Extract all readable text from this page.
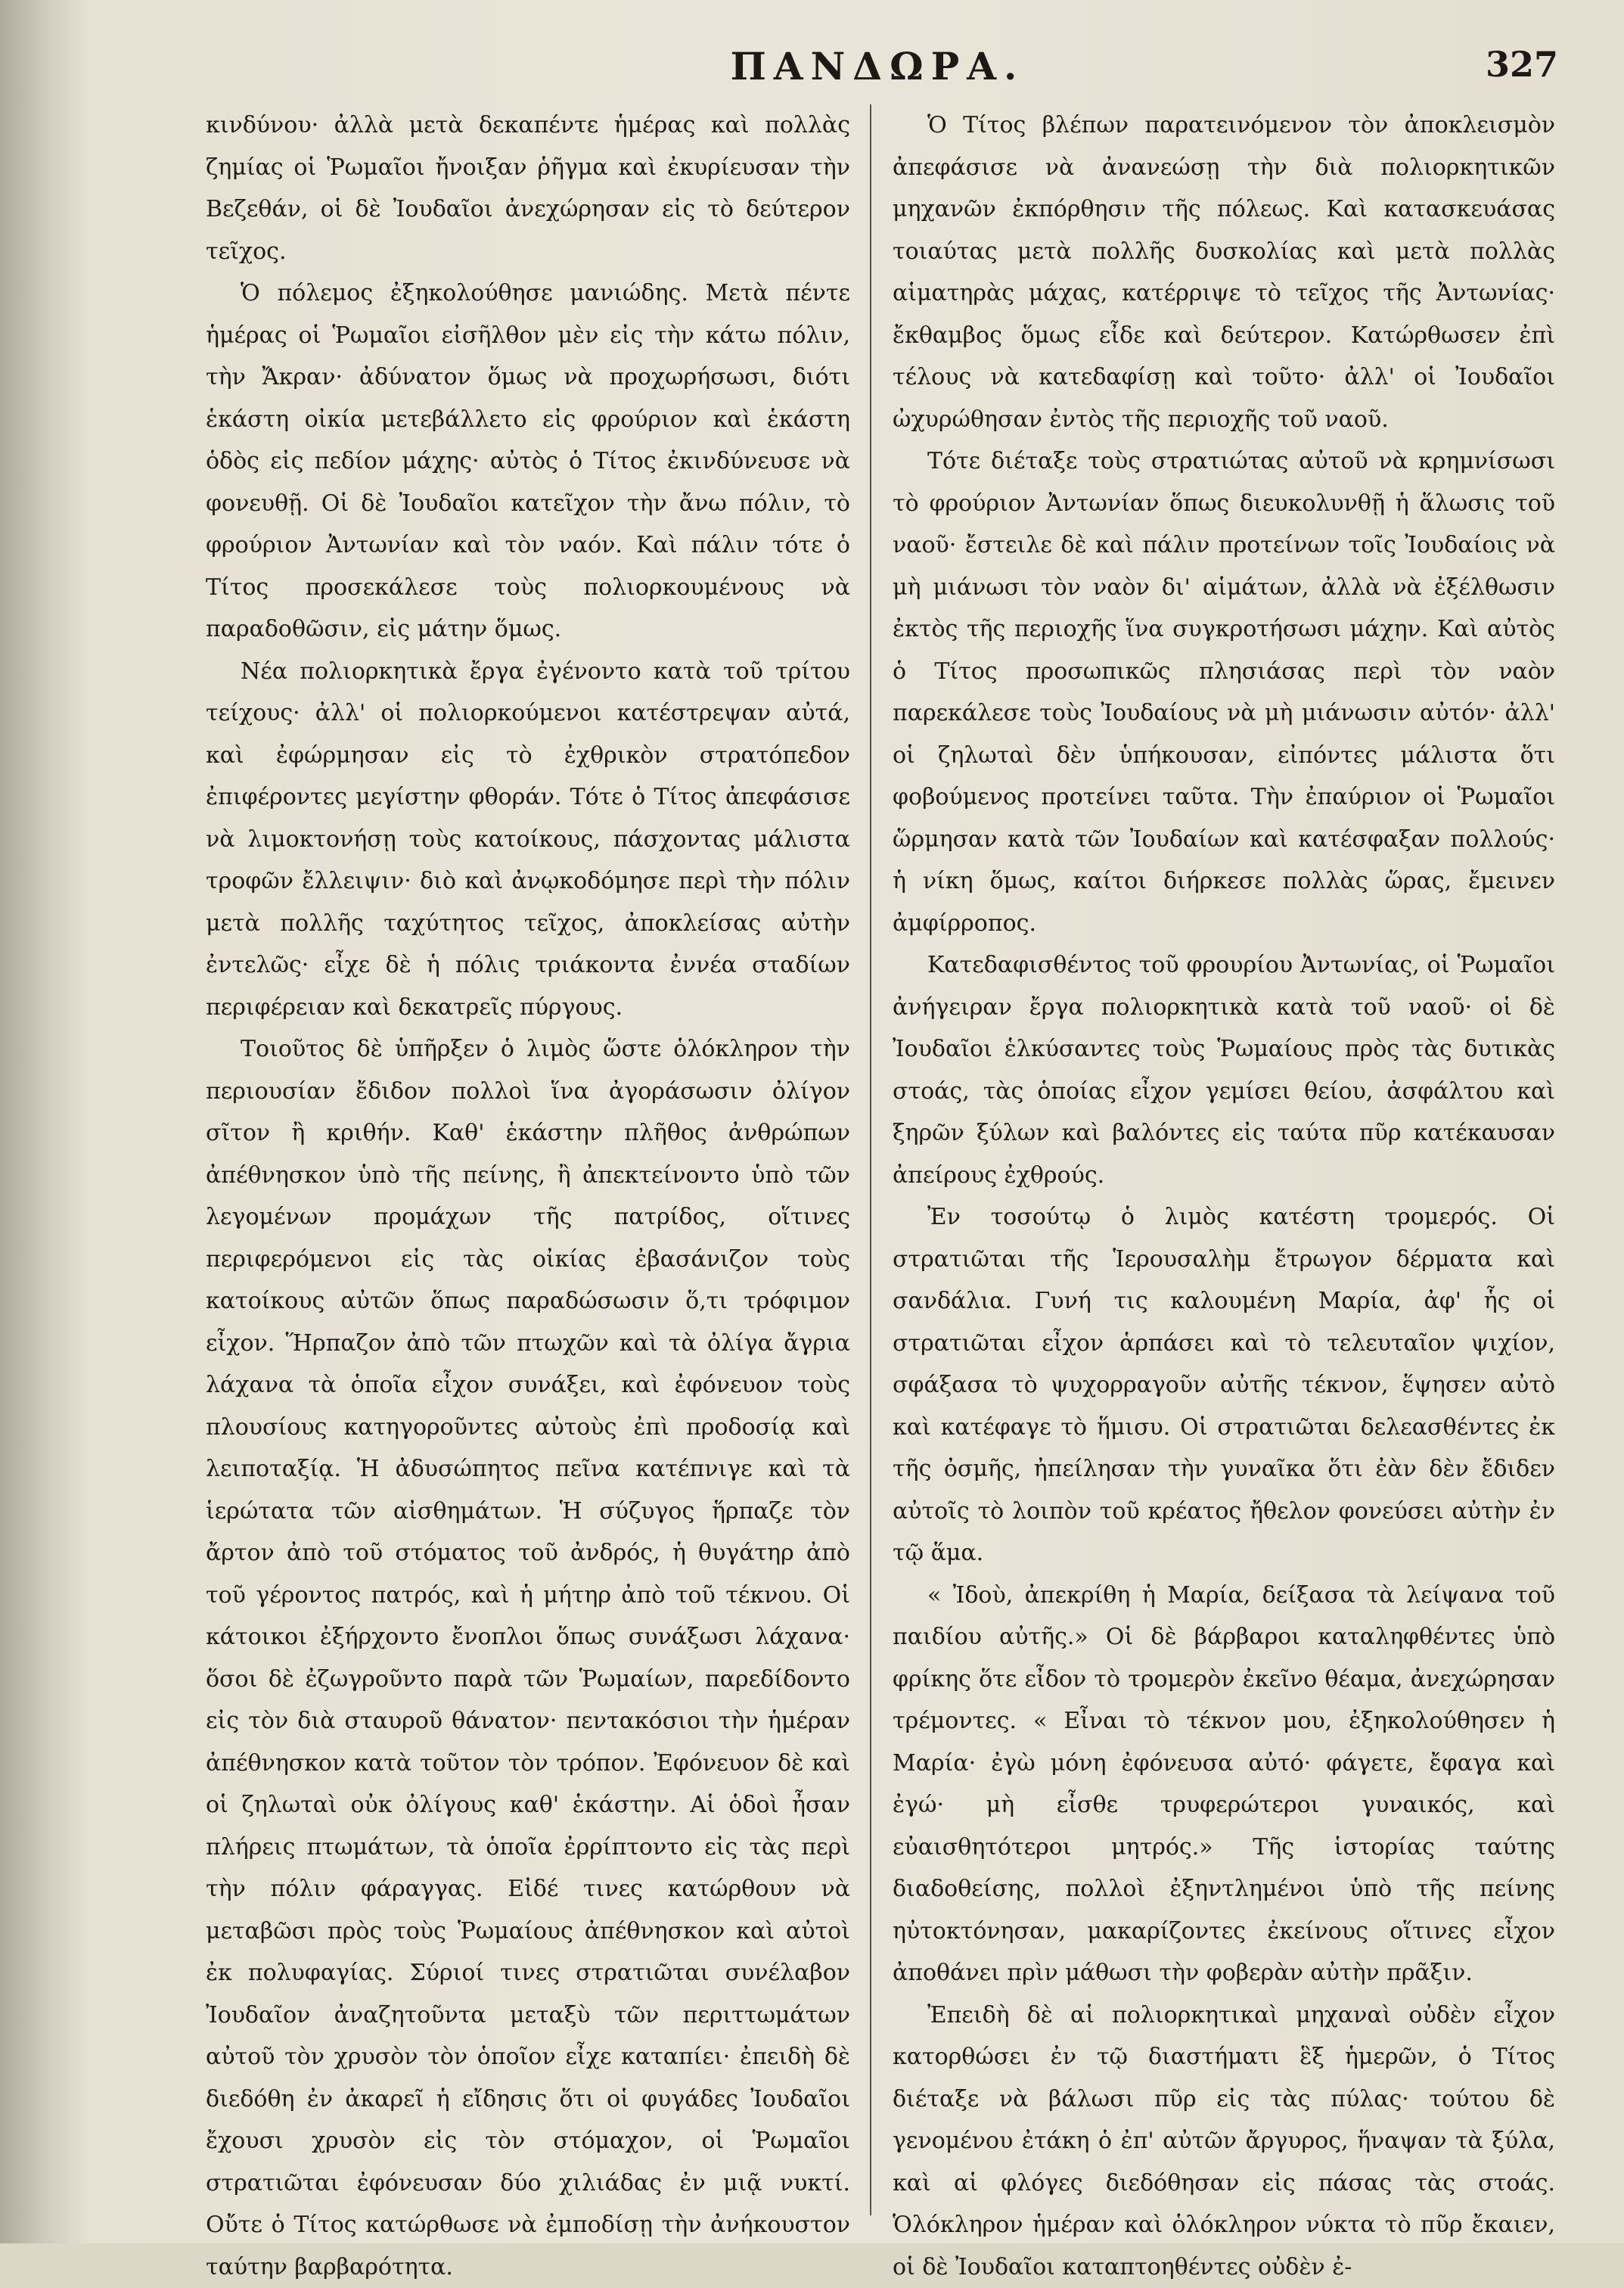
ΠΑΝΔΩΡΑ.	327

κινδύνου· ἀλλὰ μετὰ δεκαπέντε ἡμέρας καὶ πολλὰς ζημίας οἱ Ῥωμαῖοι ἤνοιξαν ῥῆγμα καὶ ἐκυρίευσαν τὴν Βεζεθάν, οἱ δὲ Ἰουδαῖοι ἀνεχώρησαν εἰς τὸ δεύτερον τεῖχος.

Ὁ πόλεμος ἐξηκολούθησε μανιώδης. Μετὰ πέντε ἡμέρας οἱ Ῥωμαῖοι εἰσῆλθον μὲν εἰς τὴν κάτω πόλιν, τὴν Ἄκραν· ἀδύνατον ὅμως νὰ προχωρήσωσι, διότι ἑκάστη οἰκία μετεβάλλετο εἰς φρούριον καὶ ἑκάστη ὁδὸς εἰς πεδίον μάχης· αὐτὸς ὁ Τίτος ἐκινδύνευσε νὰ φονευθῇ. Οἱ δὲ Ἰουδαῖοι κατεῖχον τὴν ἄνω πόλιν, τὸ φρούριον Ἀντωνίαν καὶ τὸν ναόν. Καὶ πάλιν τότε ὁ Τίτος προσεκάλεσε τοὺς πολιορκουμένους νὰ παραδοθῶσιν, εἰς μάτην ὅμως.

Νέα πολιορκητικὰ ἔργα ἐγένοντο κατὰ τοῦ τρίτου τείχους· ἀλλ' οἱ πολιορκούμενοι κατέστρεψαν αὐτά, καὶ ἐφώρμησαν εἰς τὸ ἐχθρικὸν στρατόπεδον ἐπιφέροντες μεγίστην φθοράν. Τότε ὁ Τίτος ἀπεφάσισε νὰ λιμοκτονήσῃ τοὺς κατοίκους, πάσχοντας μάλιστα τροφῶν ἔλλειψιν· διὸ καὶ ἀνῳκοδόμησε περὶ τὴν πόλιν μετὰ πολλῆς ταχύτητος τεῖχος, ἀποκλείσας αὐτὴν ἐντελῶς· εἶχε δὲ ἡ πόλις τριάκοντα ἐννέα σταδίων περιφέρειαν καὶ δεκατρεῖς πύργους.

Τοιοῦτος δὲ ὑπῆρξεν ὁ λιμὸς ὥστε ὁλόκληρον τὴν περιουσίαν ἔδιδον πολλοὶ ἵνα ἀγοράσωσιν ὀλίγον σῖτον ἢ κριθήν. Καθ' ἑκάστην πλῆθος ἀνθρώπων ἀπέθνησκον ὑπὸ τῆς πείνης, ἢ ἀπεκτείνοντο ὑπὸ τῶν λεγομένων προμάχων τῆς πατρίδος, οἵτινες περιφερόμενοι εἰς τὰς οἰκίας ἐβασάνιζον τοὺς κατοίκους αὐτῶν ὅπως παραδώσωσιν ὅ,τι τρόφιμον εἶχον. Ἥρπαζον ἀπὸ τῶν πτωχῶν καὶ τὰ ὀλίγα ἄγρια λάχανα τὰ ὁποῖα εἶχον συνάξει, καὶ ἐφόνευον τοὺς πλουσίους κατηγοροῦντες αὐτοὺς ἐπὶ προδοσίᾳ καὶ λειποταξίᾳ. Ἡ ἀδυσώπητος πεῖνα κατέπνιγε καὶ τὰ ἱερώτατα τῶν αἰσθημάτων. Ἡ σύζυγος ἥρπαζε τὸν ἄρτον ἀπὸ τοῦ στόματος τοῦ ἀνδρός, ἡ θυγάτηρ ἀπὸ τοῦ γέροντος πατρός, καὶ ἡ μήτηρ ἀπὸ τοῦ τέκνου. Οἱ κάτοικοι ἐξήρχοντο ἔνοπλοι ὅπως συνάξωσι λάχανα· ὅσοι δὲ ἐζωγροῦντο παρὰ τῶν Ῥωμαίων, παρεδίδοντο εἰς τὸν διὰ σταυροῦ θάνατον· πεντακόσιοι τὴν ἡμέραν ἀπέθνησκον κατὰ τοῦτον τὸν τρόπον. Ἐφόνευον δὲ καὶ οἱ ζηλωταὶ οὐκ ὀλίγους καθ' ἑκάστην. Αἱ ὁδοὶ ἦσαν πλήρεις πτωμάτων, τὰ ὁποῖα ἐρρίπτοντο εἰς τὰς περὶ τὴν πόλιν φάραγγας. Εἰδέ τινες κατώρθουν νὰ μεταβῶσι πρὸς τοὺς Ῥωμαίους ἀπέθνησκον καὶ αὐτοὶ ἐκ πολυφαγίας. Σύριοί τινες στρατιῶται συνέλαβον Ἰουδαῖον ἀναζητοῦντα μεταξὺ τῶν περιττωμάτων αὐτοῦ τὸν χρυσὸν τὸν ὁποῖον εἶχε καταπίει· ἐπειδὴ δὲ διεδόθη ἐν ἀκαρεῖ ἡ εἴδησις ὅτι οἱ φυγάδες Ἰουδαῖοι ἔχουσι χρυσὸν εἰς τὸν στόμαχον, οἱ Ῥωμαῖοι στρατιῶται ἐφόνευσαν δύο χιλιάδας ἐν μιᾷ νυκτί. Οὔτε ὁ Τίτος κατώρθωσε νὰ ἐμποδίσῃ τὴν ἀνήκουστον ταύτην βαρβαρότητα.

Ὁ Τίτος βλέπων παρατεινόμενον τὸν ἀποκλεισμὸν ἀπεφάσισε νὰ ἀνανεώσῃ τὴν διὰ πολιορκητικῶν μηχανῶν ἐκπόρθησιν τῆς πόλεως. Καὶ κατασκευάσας τοιαύτας μετὰ πολλῆς δυσκολίας καὶ μετὰ πολλὰς αἱματηρὰς μάχας, κατέρριψε τὸ τεῖχος τῆς Ἀντωνίας· ἔκθαμβος ὅμως εἶδε καὶ δεύτερον. Κατώρθωσεν ἐπὶ τέλους νὰ κατεδαφίσῃ καὶ τοῦτο· ἀλλ' οἱ Ἰουδαῖοι ὠχυρώθησαν ἐντὸς τῆς περιοχῆς τοῦ ναοῦ.

Τότε διέταξε τοὺς στρατιώτας αὐτοῦ νὰ κρημνίσωσι τὸ φρούριον Ἀντωνίαν ὅπως διευκολυνθῇ ἡ ἅλωσις τοῦ ναοῦ· ἔστειλε δὲ καὶ πάλιν προτείνων τοῖς Ἰουδαίοις νὰ μὴ μιάνωσι τὸν ναὸν δι' αἱμάτων, ἀλλὰ νὰ ἐξέλθωσιν ἐκτὸς τῆς περιοχῆς ἵνα συγκροτήσωσι μάχην. Καὶ αὐτὸς ὁ Τίτος προσωπικῶς πλησιάσας περὶ τὸν ναὸν παρεκάλεσε τοὺς Ἰουδαίους νὰ μὴ μιάνωσιν αὐτόν· ἀλλ' οἱ ζηλωταὶ δὲν ὑπήκουσαν, εἰπόντες μάλιστα ὅτι φοβούμενος προτείνει ταῦτα. Τὴν ἐπαύριον οἱ Ῥωμαῖοι ὥρμησαν κατὰ τῶν Ἰουδαίων καὶ κατέσφαξαν πολλούς· ἡ νίκη ὅμως, καίτοι διήρκεσε πολλὰς ὥρας, ἔμεινεν ἀμφίρροπος.

Κατεδαφισθέντος τοῦ φρουρίου Ἀντωνίας, οἱ Ῥωμαῖοι ἀνήγειραν ἔργα πολιορκητικὰ κατὰ τοῦ ναοῦ· οἱ δὲ Ἰουδαῖοι ἑλκύσαντες τοὺς Ῥωμαίους πρὸς τὰς δυτικὰς στοάς, τὰς ὁποίας εἶχον γεμίσει θείου, ἀσφάλτου καὶ ξηρῶν ξύλων καὶ βαλόντες εἰς ταύτα πῦρ κατέκαυσαν ἀπείρους ἐχθρούς.

Ἐν τοσούτῳ ὁ λιμὸς κατέστη τρομερός. Οἱ στρατιῶται τῆς Ἱερουσαλὴμ ἔτρωγον δέρματα καὶ σανδάλια. Γυνή τις καλουμένη Μαρία, ἀφ' ἧς οἱ στρατιῶται εἶχον ἁρπάσει καὶ τὸ τελευταῖον ψιχίον, σφάξασα τὸ ψυχορραγοῦν αὐτῆς τέκνον, ἕψησεν αὐτὸ καὶ κατέφαγε τὸ ἥμισυ. Οἱ στρατιῶται δελεασθέντες ἐκ τῆς ὀσμῆς, ἠπείλησαν τὴν γυναῖκα ὅτι ἐὰν δὲν ἔδιδεν αὐτοῖς τὸ λοιπὸν τοῦ κρέατος ἤθελον φονεύσει αὐτὴν ἐν τῷ ἅμα.

« Ἰδοὺ, ἀπεκρίθη ἡ Μαρία, δείξασα τὰ λείψανα τοῦ παιδίου αὐτῆς.» Οἱ δὲ βάρβαροι καταληφθέντες ὑπὸ φρίκης ὅτε εἶδον τὸ τρομερὸν ἐκεῖνο θέαμα, ἀνεχώρησαν τρέμοντες. « Εἶναι τὸ τέκνον μου, ἐξηκολούθησεν ἡ Μαρία· ἐγὼ μόνη ἐφόνευσα αὐτό· φάγετε, ἔφαγα καὶ ἐγώ· μὴ εἶσθε τρυφερώτεροι γυναικός, καὶ εὐαισθητότεροι μητρός.» Τῆς ἱστορίας ταύτης διαδοθείσης, πολλοὶ ἐξηντλημένοι ὑπὸ τῆς πείνης ηὐτοκτόνησαν, μακαρίζοντες ἐκείνους οἵτινες εἶχον ἀποθάνει πρὶν μάθωσι τὴν φοβερὰν αὐτὴν πρᾶξιν.

Ἐπειδὴ δὲ αἱ πολιορκητικαὶ μηχαναὶ οὐδὲν εἶχον κατορθώσει ἐν τῷ διαστήματι ἓξ ἡμερῶν, ὁ Τίτος διέταξε νὰ βάλωσι πῦρ εἰς τὰς πύλας· τούτου δὲ γενομένου ἐτάκη ὁ ἐπ' αὐτῶν ἄργυρος, ἥναψαν τὰ ξύλα, καὶ αἱ φλόγες διεδόθησαν εἰς πάσας τὰς στοάς. Ὁλόκληρον ἡμέραν καὶ ὁλόκληρον νύκτα τὸ πῦρ ἔκαιεν, οἱ δὲ Ἰουδαῖοι καταπτοηθέντες οὐδὲν ἐ-
